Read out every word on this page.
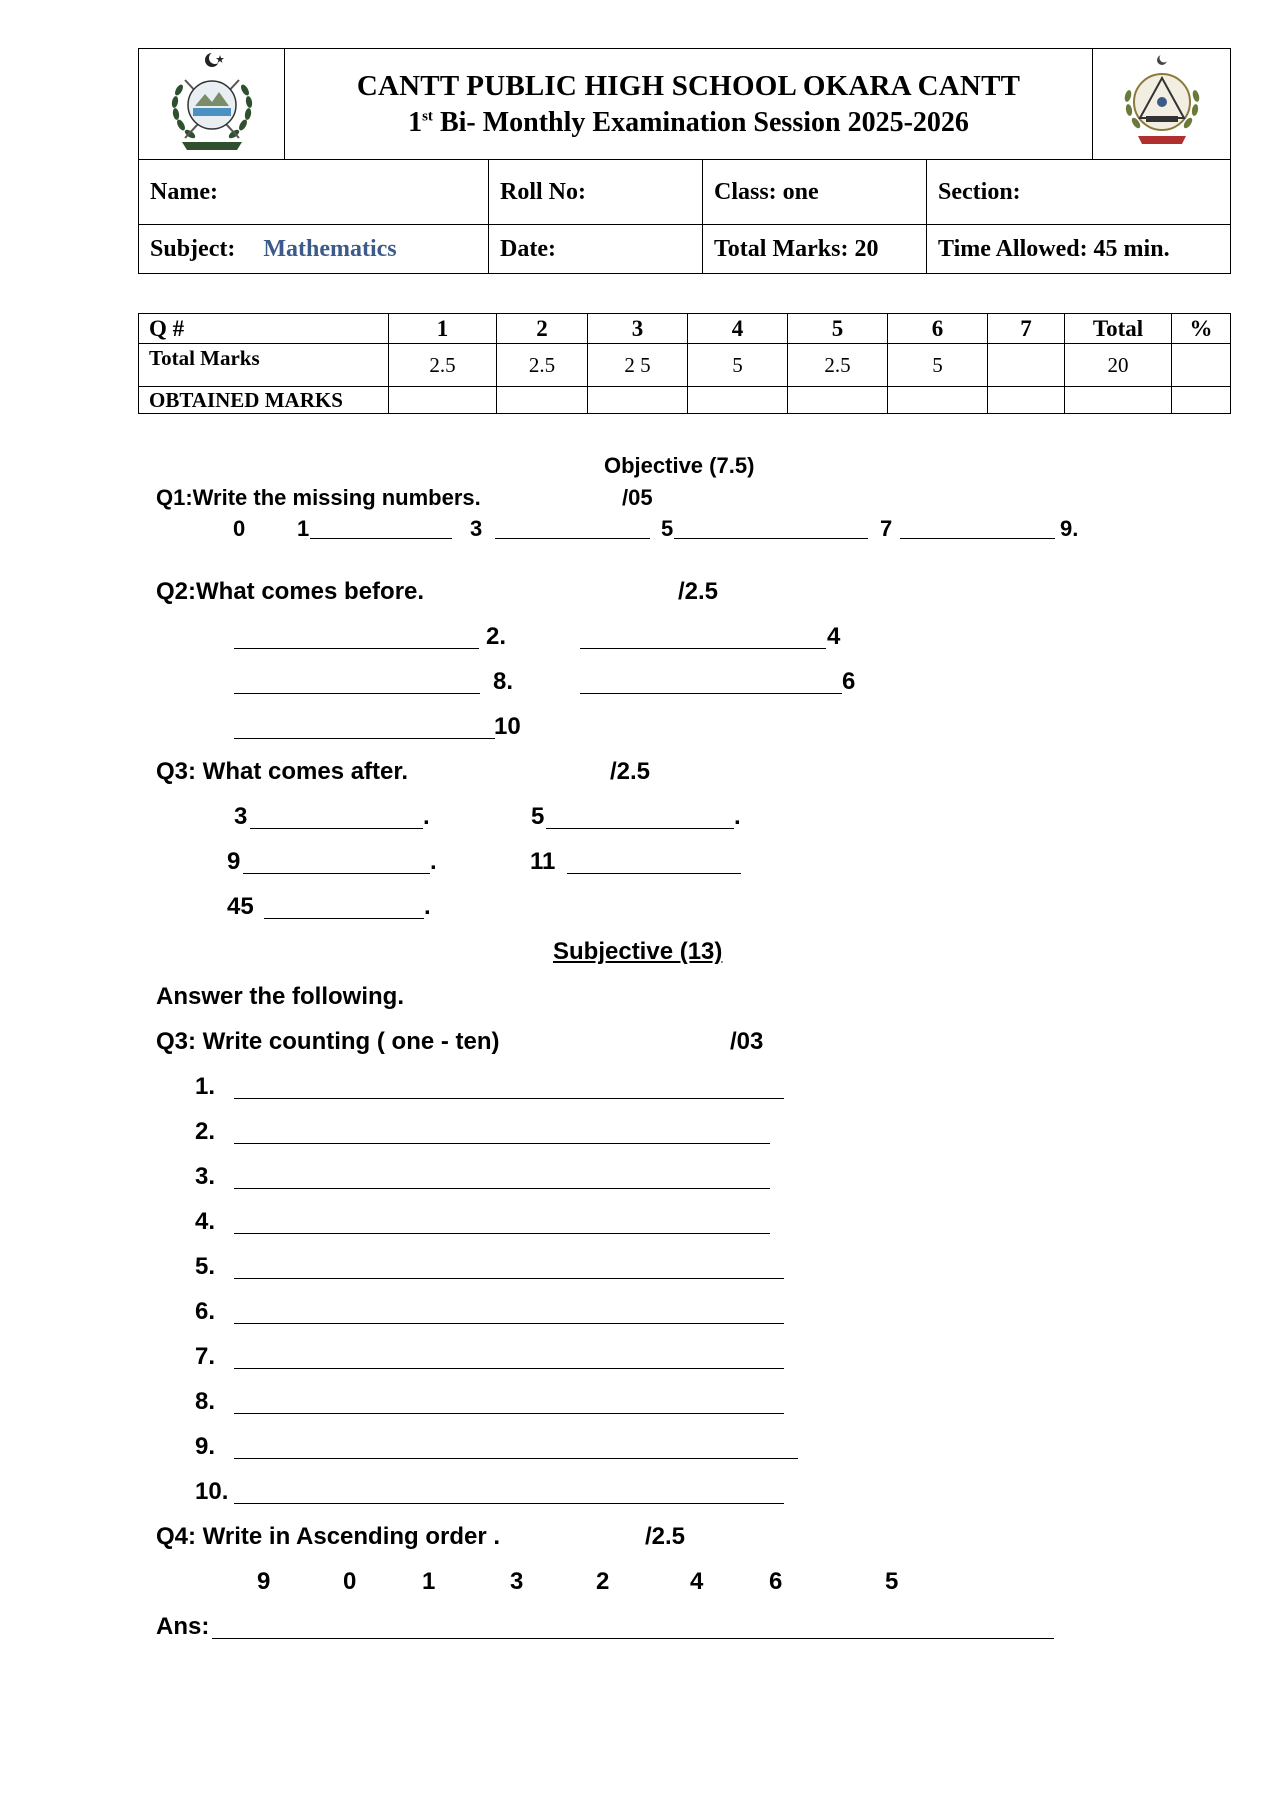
CANTT PUBLIC HIGH SCHOOL OKARA CANTT
1st Bi- Monthly Examination Session 2025-2026

Name:		Roll No:	Class: one	Section:	
Subject: Mathematics		Date:	Total Marks: 20	Time Allowed: 45 min.	
Q #	1	2	3	4	5	6	7	Total	%
Total Marks	2.5	2.5	2 5	5	2.5	5		20	
OBTAINED MARKS									
Objective (7.5)
Q1:Write the missing numbers.	/05
0 1	3	5	7	9.
Q2:What comes before.	/2.5
2.	4
8.	6
10
Q3: What comes after.	/2.5
3	.	5	.
9	.	11
45	.
Subjective (13)
Answer the following.
Q3: Write counting ( one - ten)	/03
1.
2.
3.
4.
5.
6.
7.
8.
9.
10.
Q4: Write in Ascending order .	/2.5
9	0	1	3	2	4	6	5
Ans:
